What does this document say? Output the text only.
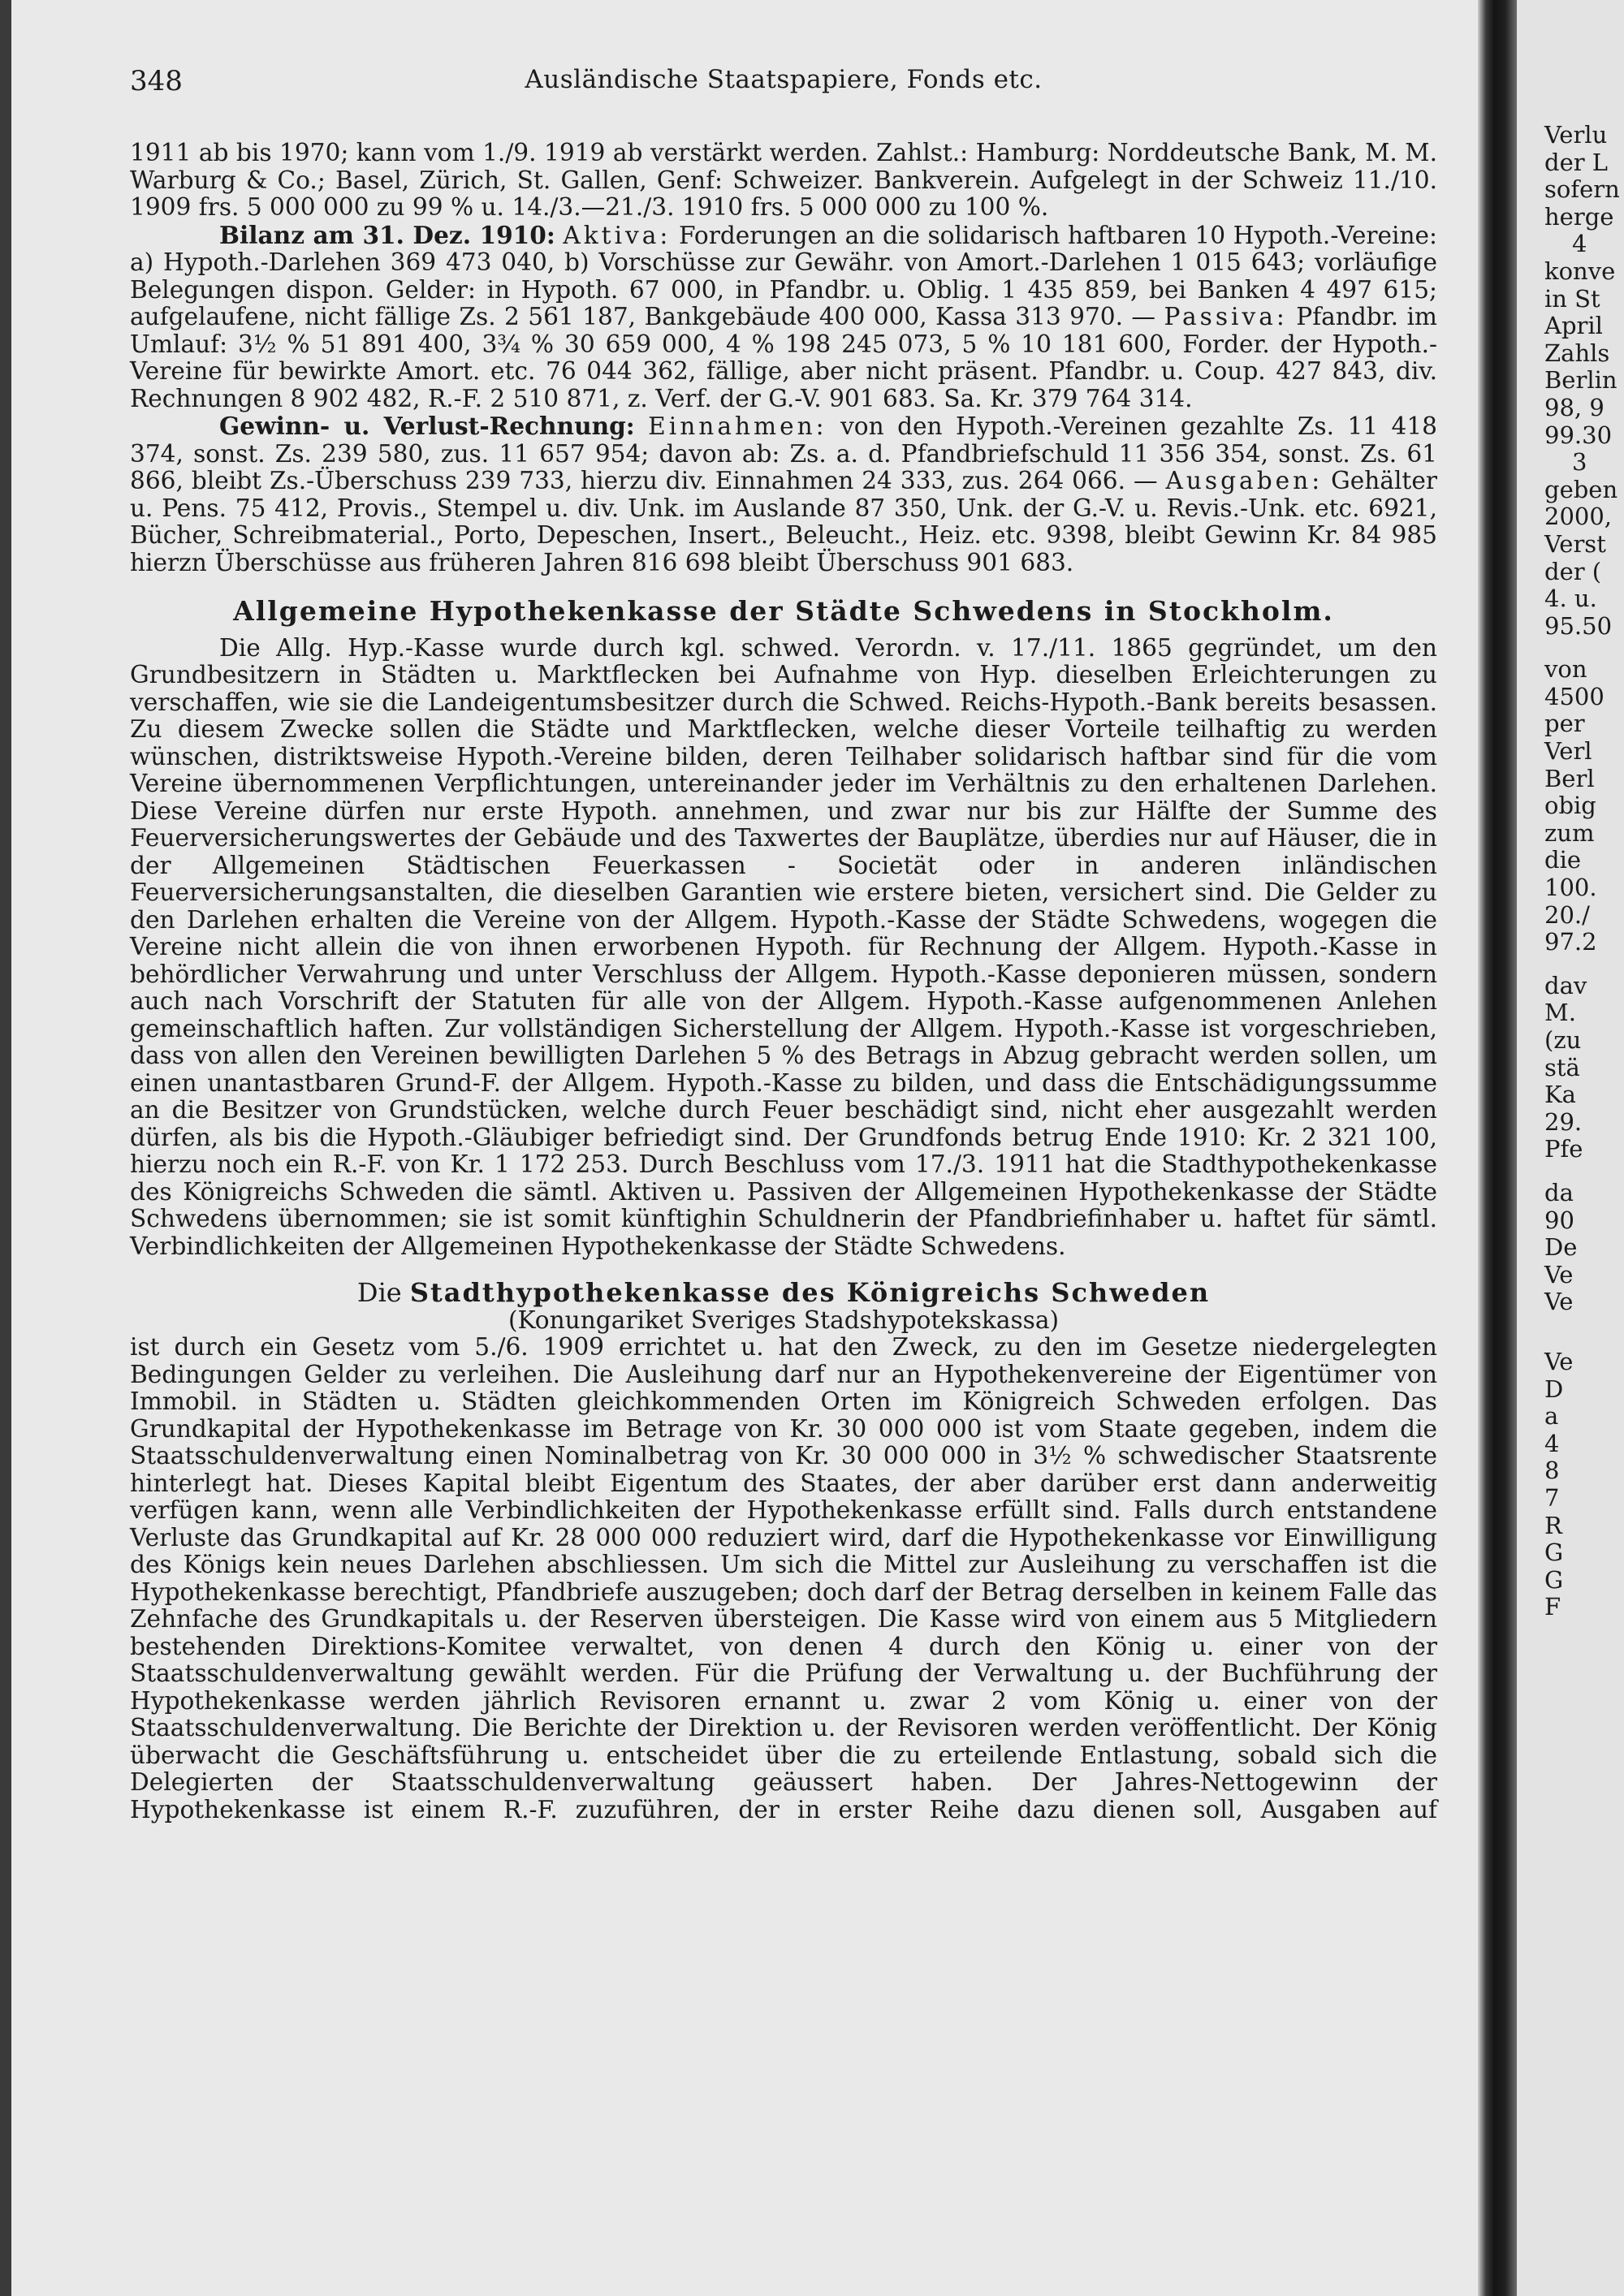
348	Ausländische Staatspapiere, Fonds etc.

1911 ab bis 1970; kann vom 1./9. 1919 ab verstärkt werden. Zahlst.: Hamburg: Norddeutsche Bank, M. M. Warburg & Co.; Basel, Zürich, St. Gallen, Genf: Schweizer. Bankverein. Aufgelegt in der Schweiz 11./10. 1909 frs. 5 000 000 zu 99 % u. 14./3.—21./3. 1910 frs. 5 000 000 zu 100 %.

Bilanz am 31. Dez. 1910: Aktiva: Forderungen an die solidarisch haftbaren 10 Hypoth.-Vereine: a) Hypoth.-Darlehen 369 473 040, b) Vorschüsse zur Gewähr. von Amort.-Darlehen 1 015 643; vorläufige Belegungen dispon. Gelder: in Hypoth. 67 000, in Pfandbr. u. Oblig. 1 435 859, bei Banken 4 497 615; aufgelaufene, nicht fällige Zs. 2 561 187, Bankgebäude 400 000, Kassa 313 970. — Passiva: Pfandbr. im Umlauf: 3½ % 51 891 400, 3¾ % 30 659 000, 4 % 198 245 073, 5 % 10 181 600, Forder. der Hypoth.-Vereine für bewirkte Amort. etc. 76 044 362, fällige, aber nicht präsent. Pfandbr. u. Coup. 427 843, div. Rechnungen 8 902 482, R.-F. 2 510 871, z. Verf. der G.-V. 901 683. Sa. Kr. 379 764 314.

Gewinn- u. Verlust-Rechnung: Einnahmen: von den Hypoth.-Vereinen gezahlte Zs. 11 418 374, sonst. Zs. 239 580, zus. 11 657 954; davon ab: Zs. a. d. Pfandbriefschuld 11 356 354, sonst. Zs. 61 866, bleibt Zs.-Überschuss 239 733, hierzu div. Einnahmen 24 333, zus. 264 066. — Ausgaben: Gehälter u. Pens. 75 412, Provis., Stempel u. div. Unk. im Auslande 87 350, Unk. der G.-V. u. Revis.-Unk. etc. 6921, Bücher, Schreibmaterial., Porto, Depeschen, Insert., Beleucht., Heiz. etc. 9398, bleibt Gewinn Kr. 84 985 hierzn Überschüsse aus früheren Jahren 816 698 bleibt Überschuss 901 683.

Allgemeine Hypothekenkasse der Städte Schwedens in Stockholm.

Die Allg. Hyp.-Kasse wurde durch kgl. schwed. Verordn. v. 17./11. 1865 gegründet, um den Grundbesitzern in Städten u. Marktflecken bei Aufnahme von Hyp. dieselben Erleichterungen zu verschaffen, wie sie die Landeigentumsbesitzer durch die Schwed. Reichs-Hypoth.-Bank bereits besassen. Zu diesem Zwecke sollen die Städte und Marktflecken, welche dieser Vorteile teilhaftig zu werden wünschen, distriktsweise Hypoth.-Vereine bilden, deren Teilhaber solidarisch haftbar sind für die vom Vereine übernommenen Verpflichtungen, untereinander jeder im Verhältnis zu den erhaltenen Darlehen. Diese Vereine dürfen nur erste Hypoth. annehmen, und zwar nur bis zur Hälfte der Summe des Feuerversicherungswertes der Gebäude und des Taxwertes der Bauplätze, überdies nur auf Häuser, die in der Allgemeinen Städtischen Feuerkassen - Societät oder in anderen inländischen Feuerversicherungsanstalten, die dieselben Garantien wie erstere bieten, versichert sind. Die Gelder zu den Darlehen erhalten die Vereine von der Allgem. Hypoth.-Kasse der Städte Schwedens, wogegen die Vereine nicht allein die von ihnen erworbenen Hypoth. für Rechnung der Allgem. Hypoth.-Kasse in behördlicher Verwahrung und unter Verschluss der Allgem. Hypoth.-Kasse deponieren müssen, sondern auch nach Vorschrift der Statuten für alle von der Allgem. Hypoth.-Kasse aufgenommenen Anlehen gemeinschaftlich haften. Zur vollständigen Sicherstellung der Allgem. Hypoth.-Kasse ist vorgeschrieben, dass von allen den Vereinen bewilligten Darlehen 5 % des Betrags in Abzug gebracht werden sollen, um einen unantastbaren Grund-F. der Allgem. Hypoth.-Kasse zu bilden, und dass die Entschädigungssumme an die Besitzer von Grundstücken, welche durch Feuer beschädigt sind, nicht eher ausgezahlt werden dürfen, als bis die Hypoth.-Gläubiger befriedigt sind. Der Grundfonds betrug Ende 1910: Kr. 2 321 100, hierzu noch ein R.-F. von Kr. 1 172 253. Durch Beschluss vom 17./3. 1911 hat die Stadthypothekenkasse des Königreichs Schweden die sämtl. Aktiven u. Passiven der Allgemeinen Hypothekenkasse der Städte Schwedens übernommen; sie ist somit künftighin Schuldnerin der Pfandbriefinhaber u. haftet für sämtl. Verbindlichkeiten der Allgemeinen Hypothekenkasse der Städte Schwedens.

Die Stadthypothekenkasse des Königreichs Schweden
(Konungariket Sveriges Stadshypotekskassa)

ist durch ein Gesetz vom 5./6. 1909 errichtet u. hat den Zweck, zu den im Gesetze niedergelegten Bedingungen Gelder zu verleihen. Die Ausleihung darf nur an Hypothekenvereine der Eigentümer von Immobil. in Städten u. Städten gleichkommenden Orten im Königreich Schweden erfolgen. Das Grundkapital der Hypothekenkasse im Betrage von Kr. 30 000 000 ist vom Staate gegeben, indem die Staatsschuldenverwaltung einen Nominalbetrag von Kr. 30 000 000 in 3½ % schwedischer Staatsrente hinterlegt hat. Dieses Kapital bleibt Eigentum des Staates, der aber darüber erst dann anderweitig verfügen kann, wenn alle Verbindlichkeiten der Hypothekenkasse erfüllt sind. Falls durch entstandene Verluste das Grundkapital auf Kr. 28 000 000 reduziert wird, darf die Hypothekenkasse vor Einwilligung des Königs kein neues Darlehen abschliessen. Um sich die Mittel zur Ausleihung zu verschaffen ist die Hypothekenkasse berechtigt, Pfandbriefe auszugeben; doch darf der Betrag derselben in keinem Falle das Zehnfache des Grundkapitals u. der Reserven übersteigen. Die Kasse wird von einem aus 5 Mitgliedern bestehenden Direktions-Komitee verwaltet, von denen 4 durch den König u. einer von der Staatsschuldenverwaltung gewählt werden. Für die Prüfung der Verwaltung u. der Buchführung der Hypothekenkasse werden jährlich Revisoren ernannt u. zwar 2 vom König u. einer von der Staatsschuldenverwaltung. Die Berichte der Direktion u. der Revisoren werden veröffentlicht. Der König überwacht die Geschäftsführung u. entscheidet über die zu erteilende Entlastung, sobald sich die Delegierten der Staatsschuldenverwaltung geäussert haben. Der Jahres-Nettogewinn der Hypothekenkasse ist einem R.-F. zuzuführen, der in erster Reihe dazu dienen soll, Ausgaben auf

Verlu
der L
sofern
herge
4
konve
in St
April
Zahls
Berlin
98, 9
99.30
3
geben
2000,
Verst
der (
4. u.
95.50
von
4500
per
Verl
Berl
obig
zum
die
100.
20./
97.2
dav
M.
(zu
stä
Ka
29.
Pfe
da
90
De
Ve
Ve
Ve
D
a
4
8
7
R
G
G
F
